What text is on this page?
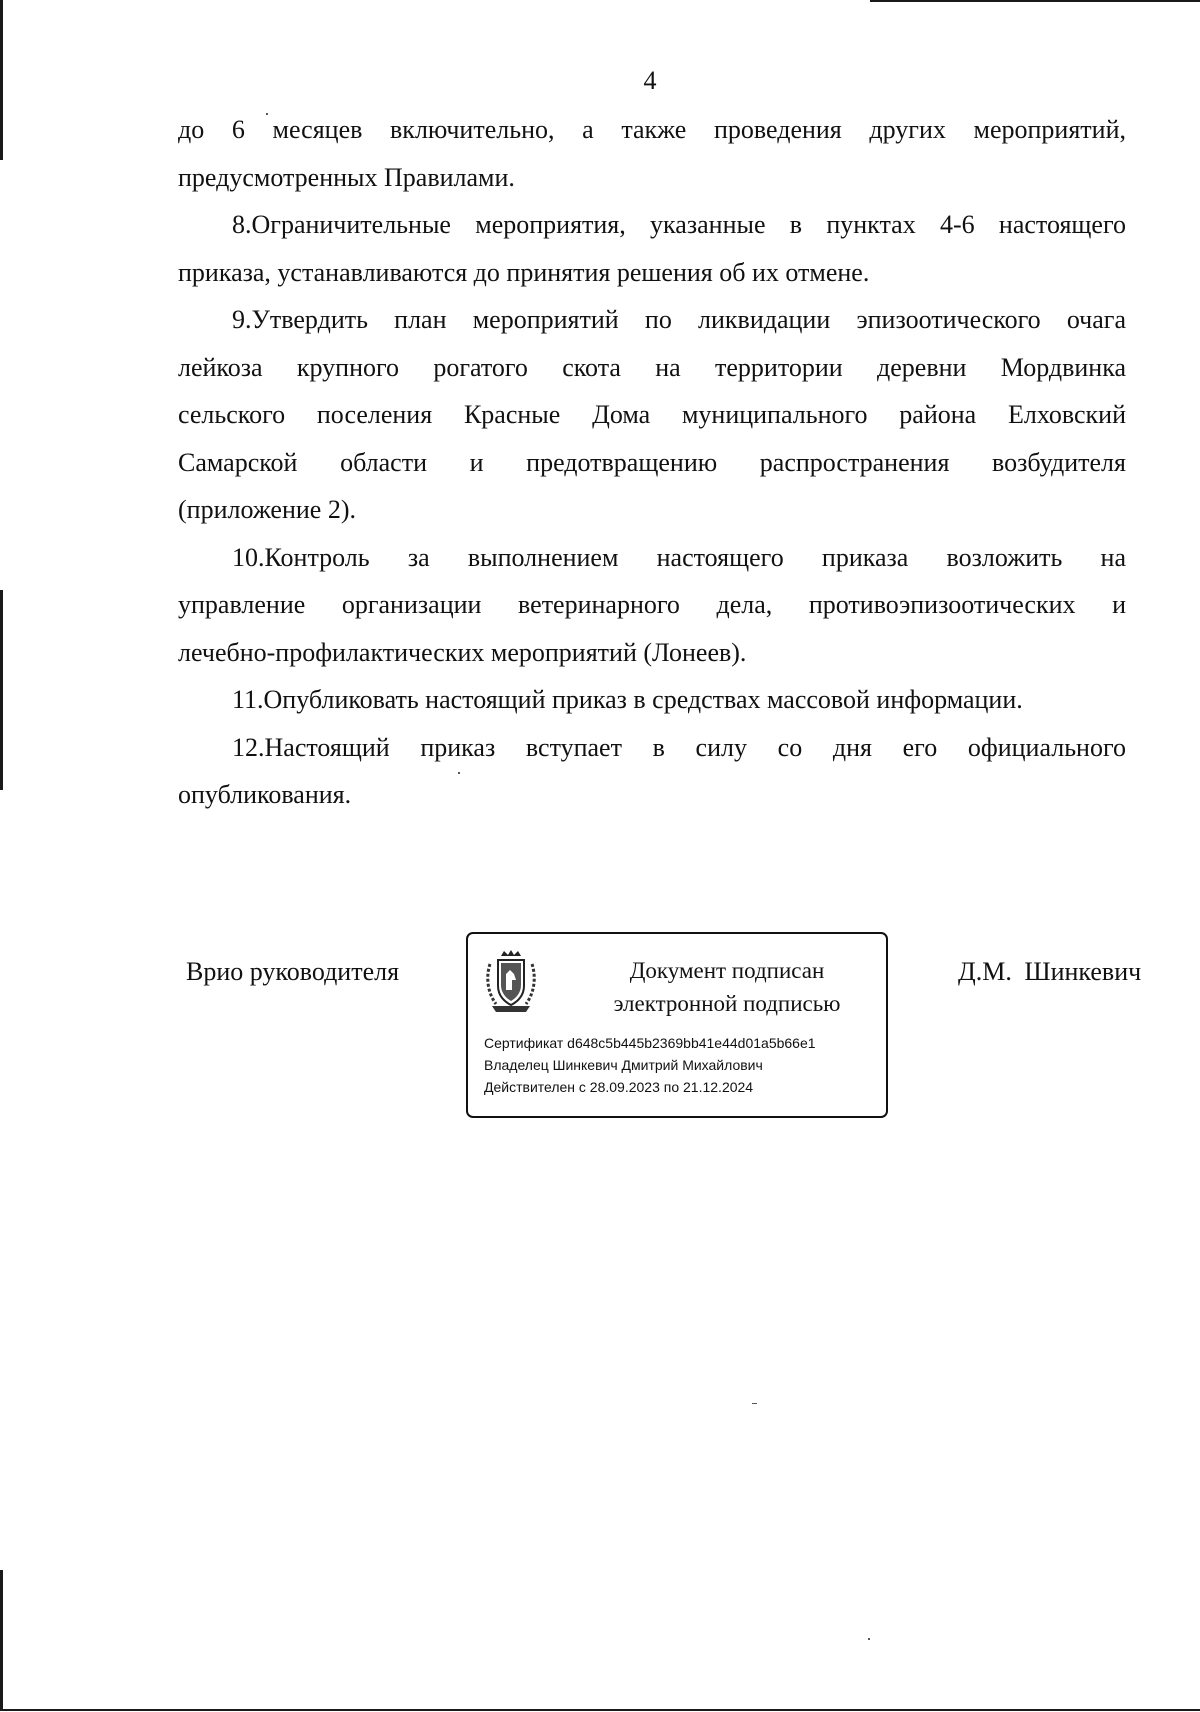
4

до 6 месяцев включительно, а также проведения других мероприятий,
предусмотренных Правилами.

8.Ограничительные мероприятия, указанные в пунктах 4-6 настоящего
приказа, устанавливаются до принятия решения об их отмене.

9.Утвердить план мероприятий по ликвидации эпизоотического очага
лейкоза крупного рогатого скота на территории деревни Мордвинка
сельского поселения Красные Дома муниципального района Елховский
Самарской области и предотвращению распространения возбудителя
(приложение 2).

10.Контроль за выполнением настоящего приказа возложить на
управление организации ветеринарного дела, противоэпизоотических и
лечебно-профилактических мероприятий (Лонеев).

11.Опубликовать настоящий приказ в средствах массовой информации.

12.Настоящий приказ вступает в силу со дня его официального
опубликования.

Врио руководителя	Документ подписан
электронной подписью
Сертификат d648c5b445b2369bb41e44d01a5b66e1
Владелец Шинкевич Дмитрий Михайлович
Действителен с 28.09.2023 по 21.12.2024
Д.М. Шинкевич
